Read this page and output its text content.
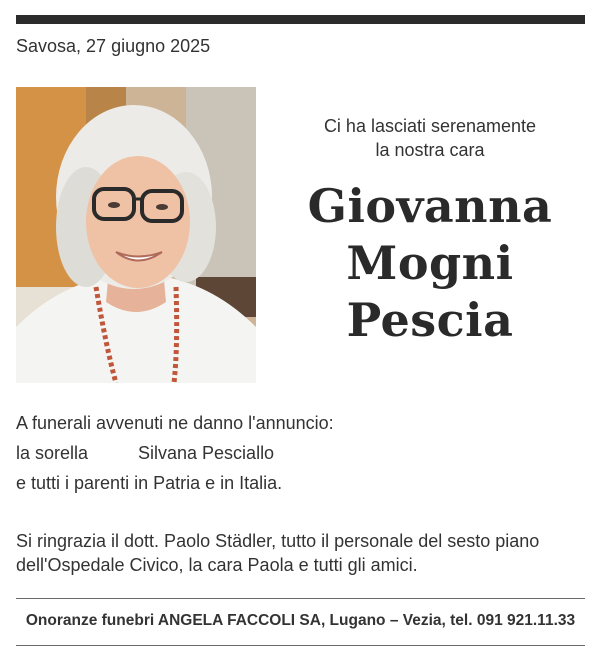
Savosa, 27 giugno 2025
Ci ha lasciati serenamente
la nostra cara
Giovanna
Mogni
Pescia
A funerali avvenuti ne danno l'annuncio:
la sorella	Silvana Pesciallo
e tutti i parenti in Patria e in Italia.
Si ringrazia il dott. Paolo Städler, tutto il personale del sesto piano
dell'Ospedale Civico, la cara Paola e tutti gli amici.
Onoranze funebri ANGELA FACCOLI SA, Lugano – Vezia, tel. 091 921.11.33
